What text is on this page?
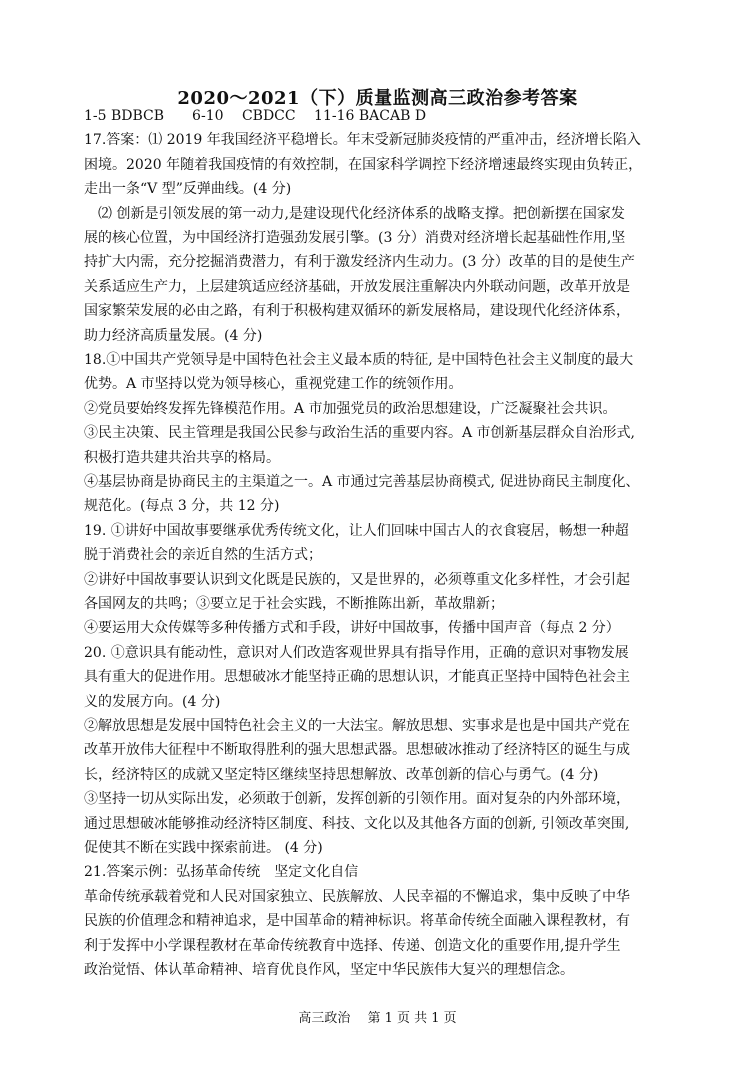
2020～2021（下）质量监测高三政治参考答案
1-5 BDBCB　　6-10　 CBDCC　 11-16 BACAB D
17.答案：⑴ 2019 年我国经济平稳增长。年末受新冠肺炎疫情的严重冲击，经济增长陷入
困境。2020 年随着我国疫情的有效控制，在国家科学调控下经济增速最终实现由负转正，
走出一条“V 型”反弹曲线。(4 分)
　⑵ 创新是引领发展的第一动力,是建设现代化经济体系的战略支撑。把创新摆在国家发
展的核心位置，为中国经济打造强劲发展引擎。(3 分）消费对经济增长起基础性作用,坚
持扩大内需，充分挖掘消费潜力，有利于激发经济内生动力。(3 分）改革的目的是使生产
关系适应生产力，上层建筑适应经济基础，开放发展注重解决内外联动问题，改革开放是
国家繁荣发展的必由之路，有利于积极构建双循环的新发展格局，建设现代化经济体系，
助力经济高质量发展。(4 分)
18.①中国共产党领导是中国特色社会主义最本质的特征, 是中国特色社会主义制度的最大
优势。A 市坚持以党为领导核心，重视党建工作的统领作用。
②党员要始终发挥先锋模范作用。A 市加强党员的政治思想建设，广泛凝聚社会共识。
③民主决策、民主管理是我国公民参与政治生活的重要内容。A 市创新基层群众自治形式,
积极打造共建共治共享的格局。
④基层协商是协商民主的主渠道之一。A 市通过完善基层协商模式, 促进协商民主制度化、
规范化。(每点 3 分，共 12 分)
19. ①讲好中国故事要继承优秀传统文化，让人们回味中国古人的衣食寝居，畅想一种超
脱于消费社会的亲近自然的生活方式；
②讲好中国故事要认识到文化既是民族的，又是世界的，必须尊重文化多样性，才会引起
各国网友的共鸣；③要立足于社会实践，不断推陈出新，革故鼎新；
④要运用大众传媒等多种传播方式和手段，讲好中国故事，传播中国声音（每点 2 分）
20. ①意识具有能动性，意识对人们改造客观世界具有指导作用，正确的意识对事物发展
具有重大的促进作用。思想破冰才能坚持正确的思想认识，才能真正坚持中国特色社会主
义的发展方向。(4 分)
②解放思想是发展中国特色社会主义的一大法宝。解放思想、实事求是也是中国共产党在
改革开放伟大征程中不断取得胜利的强大思想武器。思想破冰推动了经济特区的诞生与成
长，经济特区的成就又坚定特区继续坚持思想解放、改革创新的信心与勇气。(4 分)
③坚持一切从实际出发，必须敢于创新，发挥创新的引领作用。面对复杂的内外部环境，
通过思想破冰能够推动经济特区制度、科技、文化以及其他各方面的创新, 引领改革突围,
促使其不断在实践中探索前进。 (4 分)
21.答案示例：弘扬革命传统　坚定文化自信
革命传统承载着党和人民对国家独立、民族解放、人民幸福的不懈追求，集中反映了中华
民族的价值理念和精神追求，是中国革命的精神标识。将革命传统全面融入课程教材，有
利于发挥中小学课程教材在革命传统教育中选择、传递、创造文化的重要作用,提升学生
政治觉悟、体认革命精神、培育优良作风，坚定中华民族伟大复兴的理想信念。
高三政治　 第 1 页 共 1 页
